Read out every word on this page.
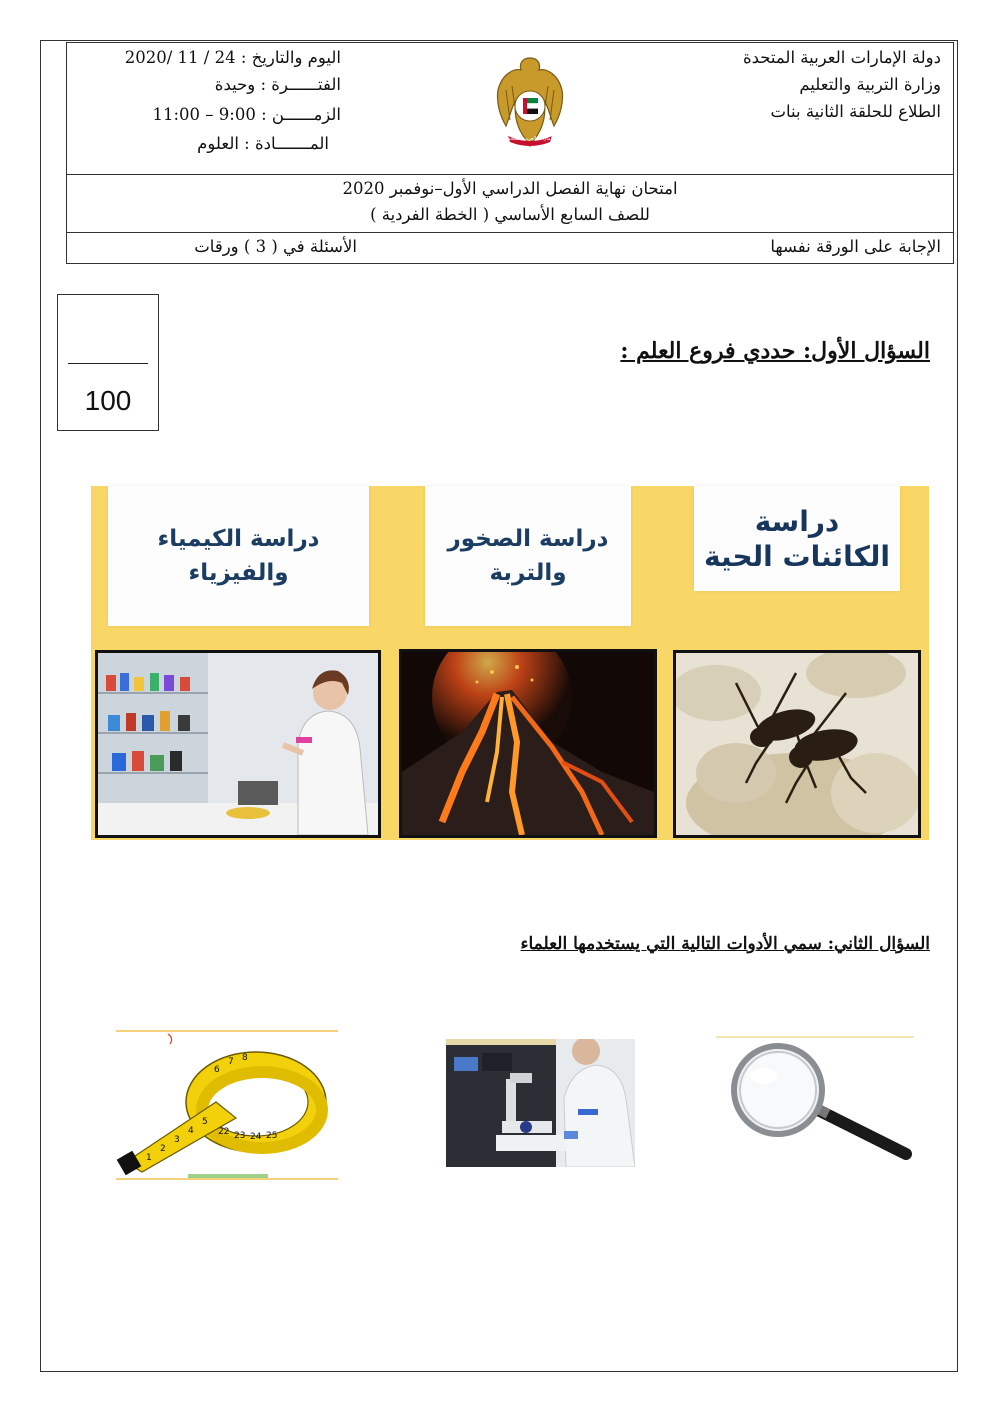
دولة الإمارات العربية المتحدة
وزارة التربية والتعليم
الطلاع للحلقة الثانية بنات
اليوم والتاريخ : 24 / 11 /2020
الفتــــــرة : وحيدة
الزمــــــن : 9:00 – 11:00
المـــــــادة : العلوم
امتحان نهاية الفصل الدراسي الأول–نوفمبر 2020
للصف السابع الأساسي ( الخطة الفردية )
الإجابة على الورقة نفسها
الأسئلة في ( 3 ) ورقات
الإمارات العربية المتحدة
100
السؤال الأول: حددي فروع العلم :
دراسة
الكائنات الحية
دراسة الصخور
والتربة
دراسة الكيمياء
والفيزياء
السؤال الثاني: سمي الأدوات التالية التي يستخدمها العلماء
1
2
3
4
5
6
7 8
22 23 24 25
